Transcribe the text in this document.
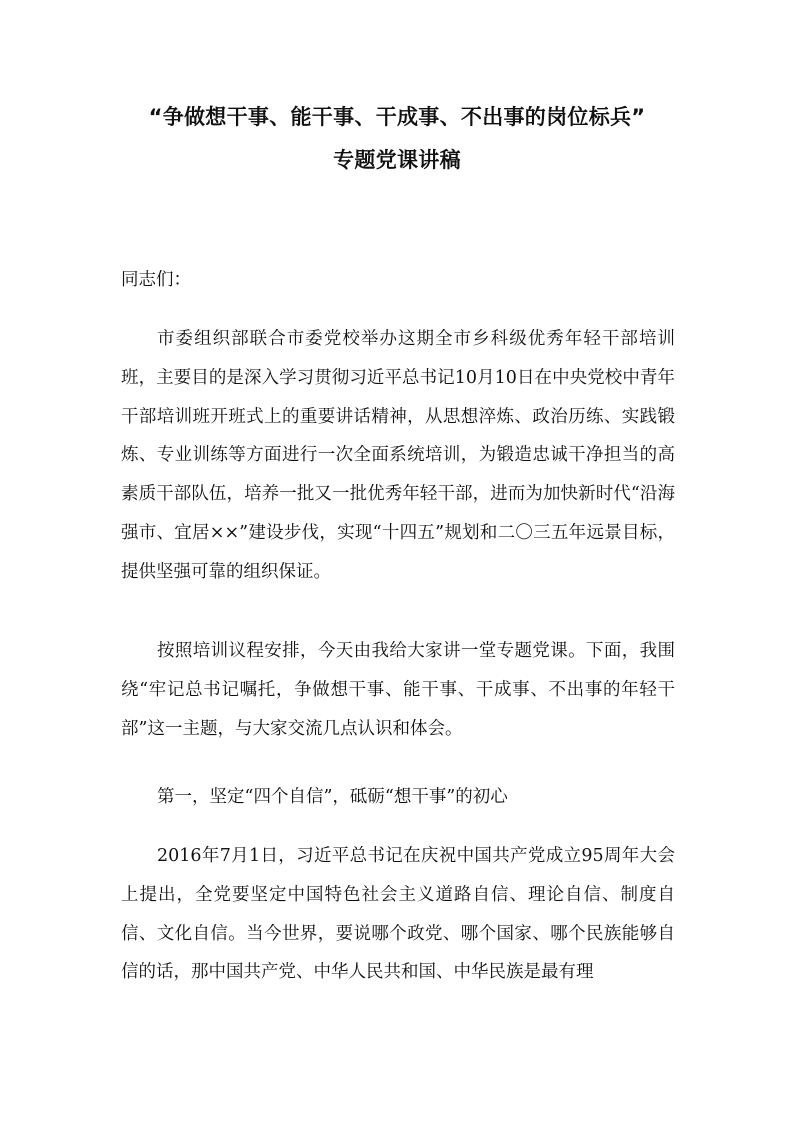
“争做想干事、能干事、干成事、不出事的岗位标兵”
专题党课讲稿
同志们：

市委组织部联合市委党校举办这期全市乡科级优秀年轻干部培训班，主要目的是深入学习贯彻习近平总书记10月10日在中央党校中青年干部培训班开班式上的重要讲话精神，从思想淬炼、政治历练、实践锻炼、专业训练等方面进行一次全面系统培训，为锻造忠诚干净担当的高素质干部队伍，培养一批又一批优秀年轻干部，进而为加快新时代“沿海强市、宜居××”建设步伐，实现“十四五”规划和二〇三五年远景目标，提供坚强可靠的组织保证。

按照培训议程安排，今天由我给大家讲一堂专题党课。下面，我围绕“牢记总书记嘱托，争做想干事、能干事、干成事、不出事的年轻干部”这一主题，与大家交流几点认识和体会。

第一，坚定“四个自信”，砥砺“想干事”的初心

2016年7月1日，习近平总书记在庆祝中国共产党成立95周年大会上提出，全党要坚定中国特色社会主义道路自信、理论自信、制度自信、文化自信。当今世界，要说哪个政党、哪个国家、哪个民族能够自信的话，那中国共产党、中华人民共和国、中华民族是最有理
